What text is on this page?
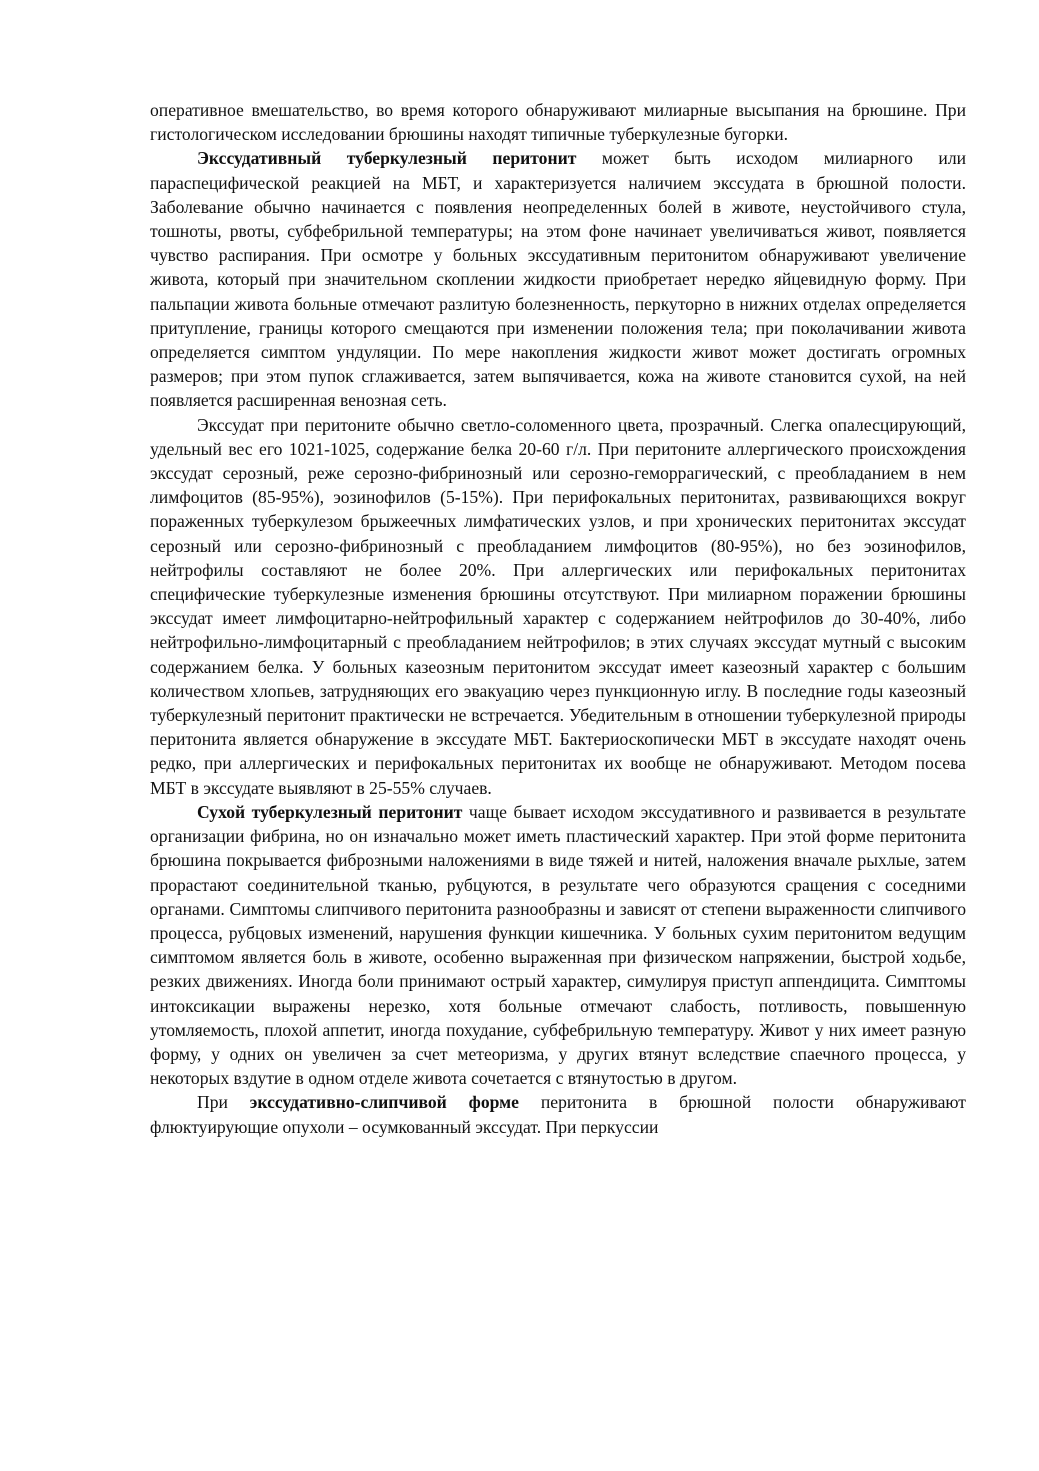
оперативное вмешательство, во время которого обнаруживают милиарные высыпания на брюшине. При гистологическом исследовании брюшины находят типичные туберкулезные бугорки.

Экссудативный туберкулезный перитонит может быть исходом милиарного или параспецифической реакцией на МБТ, и характеризуется наличием экссудата в брюшной полости. Заболевание обычно начинается с появления неопределенных болей в животе, неустойчивого стула, тошноты, рвоты, субфебрильной температуры; на этом фоне начинает увеличиваться живот, появляется чувство распирания. При осмотре у больных экссудативным перитонитом обнаруживают увеличение живота, который при значительном скоплении жидкости приобретает нередко яйцевидную форму. При пальпации живота больные отмечают разлитую болезненность, перкуторно в нижних отделах определяется притупление, границы которого смещаются при изменении положения тела; при поколачивании живота определяется симптом ундуляции. По мере накопления жидкости живот может достигать огромных размеров; при этом пупок сглаживается, затем выпячивается, кожа на животе становится сухой, на ней появляется расширенная венозная сеть.

Экссудат при перитоните обычно светло-соломенного цвета, прозрачный. Слегка опалесцирующий, удельный вес его 1021-1025, содержание белка 20-60 г/л. При перитоните аллергического происхождения экссудат серозный, реже серозно-фибринозный или серозно-геморрагический, с преобладанием в нем лимфоцитов (85-95%), эозинофилов (5-15%). При перифокальных перитонитах, развивающихся вокруг пораженных туберкулезом брыжеечных лимфатических узлов, и при хронических перитонитах экссудат серозный или серозно-фибринозный с преобладанием лимфоцитов (80-95%), но без эозинофилов, нейтрофилы составляют не более 20%. При аллергических или перифокальных перитонитах специфические туберкулезные изменения брюшины отсутствуют. При милиарном поражении брюшины экссудат имеет лимфоцитарно-нейтрофильный характер с содержанием нейтрофилов до 30-40%, либо нейтрофильно-лимфоцитарный с преобладанием нейтрофилов; в этих случаях экссудат мутный с высоким содержанием белка. У больных казеозным перитонитом экссудат имеет казеозный характер с большим количеством хлопьев, затрудняющих его эвакуацию через пункционную иглу. В последние годы казеозный туберкулезный перитонит практически не встречается. Убедительным в отношении туберкулезной природы перитонита является обнаружение в экссудате МБТ. Бактериоскопически МБТ в экссудате находят очень редко, при аллергических и перифокальных перитонитах их вообще не обнаруживают. Методом посева МБТ в экссудате выявляют в 25-55% случаев.

Сухой туберкулезный перитонит чаще бывает исходом экссудативного и развивается в результате организации фибрина, но он изначально может иметь пластический характер. При этой форме перитонита брюшина покрывается фиброзными наложениями в виде тяжей и нитей, наложения вначале рыхлые, затем прорастают соединительной тканью, рубцуются, в результате чего образуются сращения с соседними органами. Симптомы слипчивого перитонита разнообразны и зависят от степени выраженности слипчивого процесса, рубцовых изменений, нарушения функции кишечника. У больных сухим перитонитом ведущим симптомом является боль в животе, особенно выраженная при физическом напряжении, быстрой ходьбе, резких движениях. Иногда боли принимают острый характер, симулируя приступ аппендицита. Симптомы интоксикации выражены нерезко, хотя больные отмечают слабость, потливость, повышенную утомляемость, плохой аппетит, иногда похудание, субфебрильную температуру. Живот у них имеет разную форму, у одних он увеличен за счет метеоризма, у других втянут вследствие спаечного процесса, у некоторых вздутие в одном отделе живота сочетается с втянутостью в другом.

При экссудативно-слипчивой форме перитонита в брюшной полости обнаруживают флюктуирующие опухоли – осумкованный экссудат. При перкуссии
